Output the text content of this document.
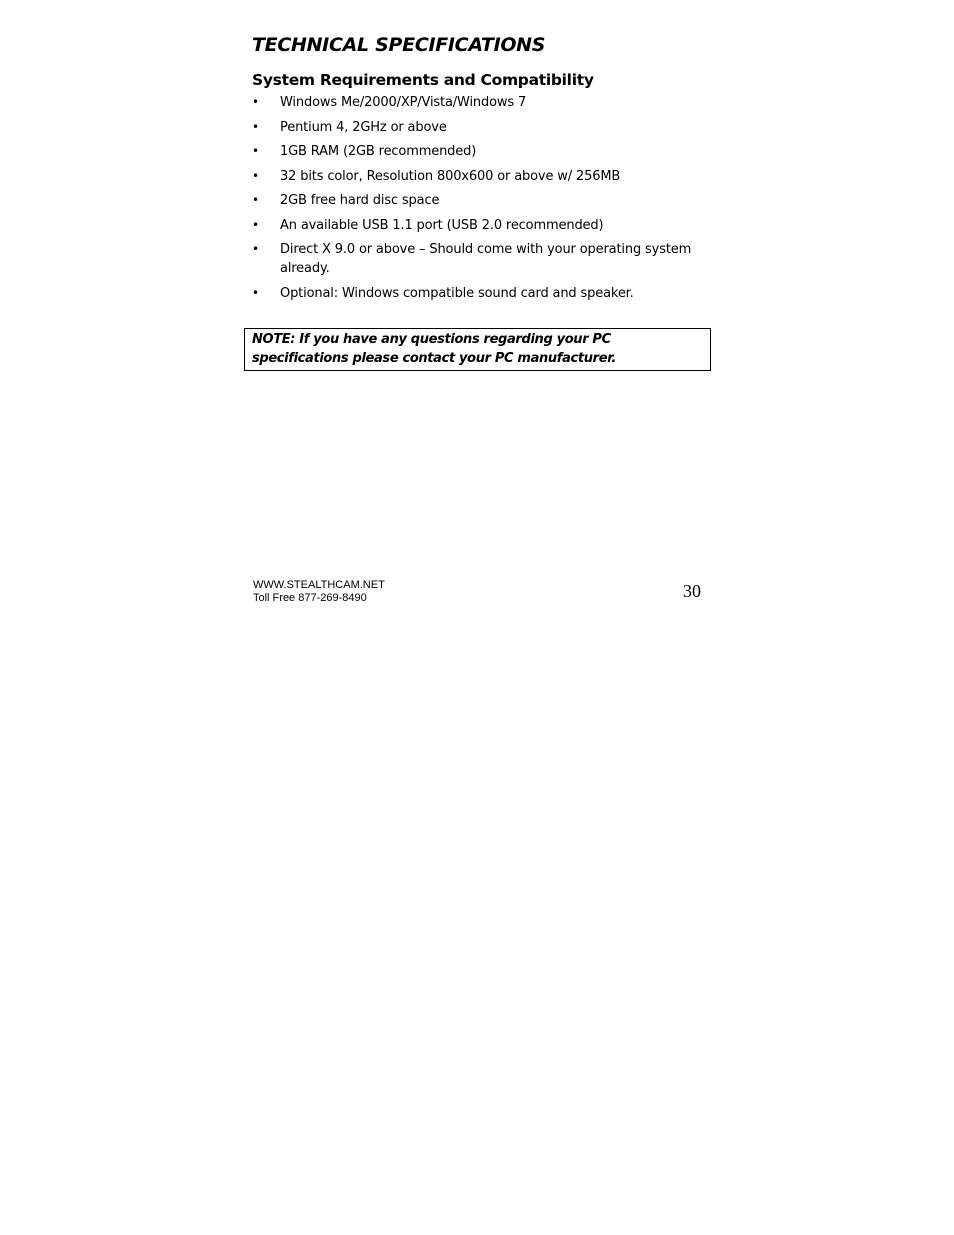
TECHNICAL SPECIFICATIONS
System Requirements and Compatibility
• Windows Me/2000/XP/Vista/Windows 7
• Pentium 4, 2GHz or above
• 1GB RAM (2GB recommended)
• 32 bits color, Resolution 800x600 or above w/ 256MB
• 2GB free hard disc space
• An available USB 1.1 port (USB 2.0 recommended)
• Direct X 9.0 or above – Should come with your operating system already.
• Optional: Windows compatible sound card and speaker.
NOTE: If you have any questions regarding your PC specifications please contact your PC manufacturer.
WWW.STEALTHCAM.NET
Toll Free 877-269-8490	30
